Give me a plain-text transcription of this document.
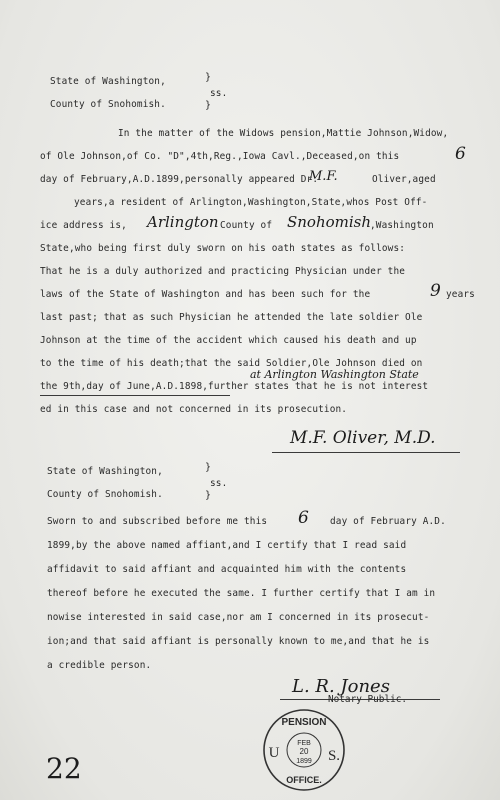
State of Washington,	}
ss.
}
County of Snohomish.
In the matter of the Widows pension,Mattie Johnson,Widow,
of Ole Johnson,of Co. "D",4th,Reg.,Iowa Cavl.,Deceased,on this	6
day of February,A.D.1899,personally appeared Dr.
M.F.	Oliver,aged
years,a resident of Arlington,Washington,State,whos Post Off-
ice address is, Arlington County of Snohomish
,Washington
State,who being first duly sworn on his oath states as follows:
That he is a duly authorized and practicing Physician under the
laws of the State of Washington and has been such for the	9 years
last past; that as such Physician he attended the late soldier Ole
Johnson at the time of the accident which caused his death and up
to the time of his death;that the said Soldier,Ole Johnson died on
at Arlington Washington State
the 9th,day of June,A.D.1898,further states that he is not interest
ed in this case and not concerned in its prosecution.
M.F. Oliver, M.D.
State of Washington,	}
ss.
}
County of Snohomish.
Sworn to and subscribed before me this 6 day of February A.D.
1899,by the above named affiant,and I certify that I read said
affidavit to said affiant and acquainted him with the contents
thereof before he executed the same. I further certify that I am in
nowise interested in said case,nor am I concerned in its prosecut-
ion;and that said affiant is personally known to me,and that he is
a credible person.
L. R. Jones
Notary Public.
22
PENSION
U	S.
FEB
20
1899
OFFICE.
